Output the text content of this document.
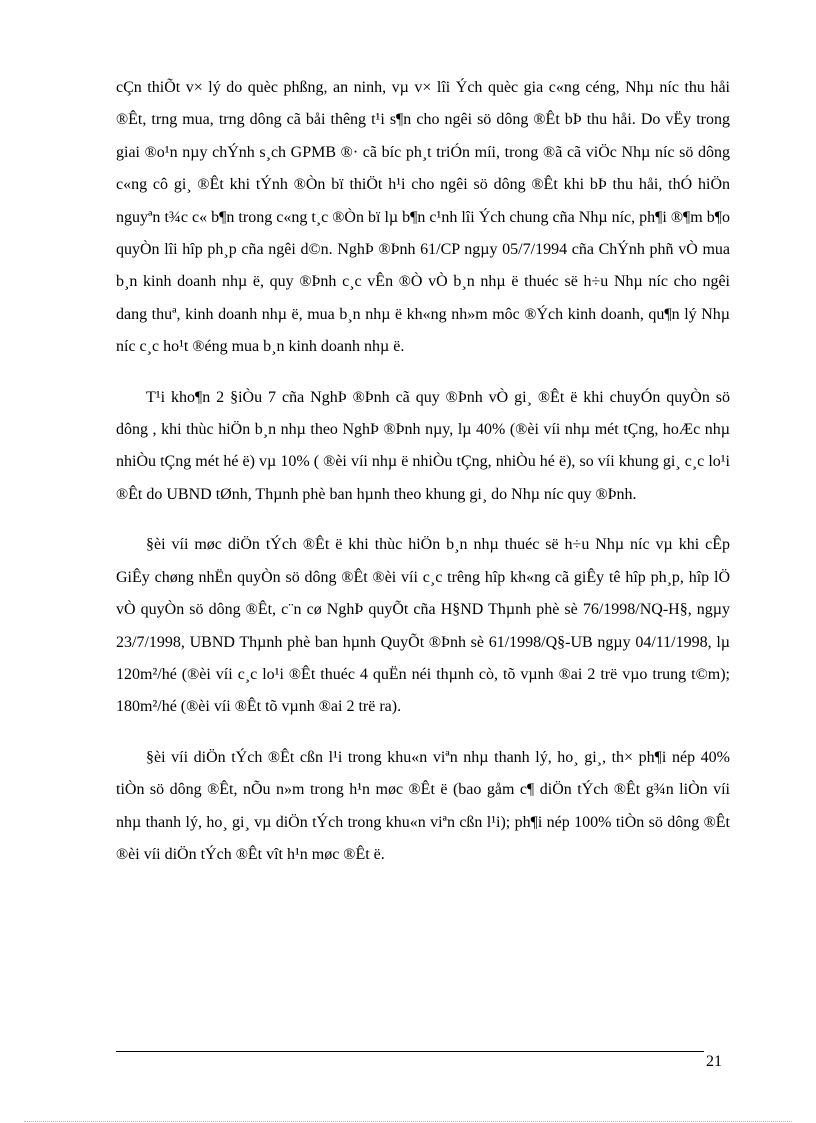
cÇn thiÕt v× lý do quèc phßng, an ninh, vµ v× lîi Ých quèc gia c«ng céng, Nhµ níc thu håi ®Êt, trng mua, trng dông cã båi thêng t¹i s¶n cho ngêi sö dông ®Êt bÞ thu håi. Do vËy trong giai ®o¹n nµy chÝnh s¸ch GPMB ®· cã bíc ph¸t triÓn míi, trong ®ã cã viÖc Nhµ níc sö dông c«ng cô gi¸ ®Êt khi tÝnh ®Òn bï thiÖt h¹i cho ngêi sö dông ®Êt khi bÞ thu håi, thÓ hiÖn nguyªn t¾c c« b¶n trong c«ng t¸c ®Òn bï lµ b¶n c¹nh lîi Ých chung cña Nhµ níc, ph¶i ®¶m b¶o quyÒn lîi hîp ph¸p cña ngêi d©n. NghÞ ®Þnh 61/CP ngµy 05/7/1994 cña ChÝnh phñ vÒ mua b¸n kinh doanh nhµ ë, quy ®Þnh c¸c vÊn ®Ò vÒ b¸n nhµ ë thuéc së h÷u Nhµ níc cho ngêi dang thuª, kinh doanh nhµ ë, mua b¸n nhµ ë kh«ng nh»m môc ®Ých kinh doanh, qu¶n lý Nhµ níc c¸c ho¹t ®éng mua b¸n kinh doanh nhµ ë.

T¹i kho¶n 2 §iÒu 7 cña NghÞ ®Þnh cã quy ®Þnh vÒ gi¸ ®Êt ë khi chuyÓn quyÒn sö dông , khi thùc hiÖn b¸n nhµ theo NghÞ ®Þnh nµy, lµ 40% (®èi víi nhµ mét tÇng, hoÆc nhµ nhiÒu tÇng mét hé ë) vµ 10% ( ®èi víi nhµ ë nhiÒu tÇng, nhiÒu hé ë), so víi khung gi¸ c¸c lo¹i ®Êt do UBND tØnh, Thµnh phè ban hµnh theo khung gi¸ do Nhµ níc quy ®Þnh.

§èi víi møc diÖn tÝch ®Êt ë khi thùc hiÖn b¸n nhµ thuéc së h÷u Nhµ níc vµ khi cÊp GiÊy chøng nhËn quyÒn sö dông ®Êt ®èi víi c¸c trêng hîp kh«ng cã giÊy tê hîp ph¸p, hîp lÖ vÒ quyÒn sö dông ®Êt, c¨n cø NghÞ quyÕt cña H§ND Thµnh phè sè 76/1998/NQ-H§, ngµy 23/7/1998, UBND Thµnh phè ban hµnh QuyÕt ®Þnh sè 61/1998/Q§-UB ngµy 04/11/1998, lµ 120m²/hé (®èi víi c¸c lo¹i ®Êt thuéc 4 quËn néi thµnh cò, tõ vµnh ®ai 2 trë vµo trung t©m); 180m²/hé (®èi víi ®Êt tõ vµnh ®ai 2 trë ra).

§èi víi diÖn tÝch ®Êt cßn l¹i trong khu«n viªn nhµ thanh lý, ho¸ gi¸, th× ph¶i nép 40% tiÒn sö dông ®Êt, nÕu n»m trong h¹n møc ®Êt ë (bao gåm c¶ diÖn tÝch ®Êt g¾n liÒn víi nhµ thanh lý, ho¸ gi¸ vµ diÖn tÝch trong khu«n viªn cßn l¹i); ph¶i nép 100% tiÒn sö dông ®Êt ®èi víi diÖn tÝch ®Êt vît h¹n møc ®Êt ë.

21
